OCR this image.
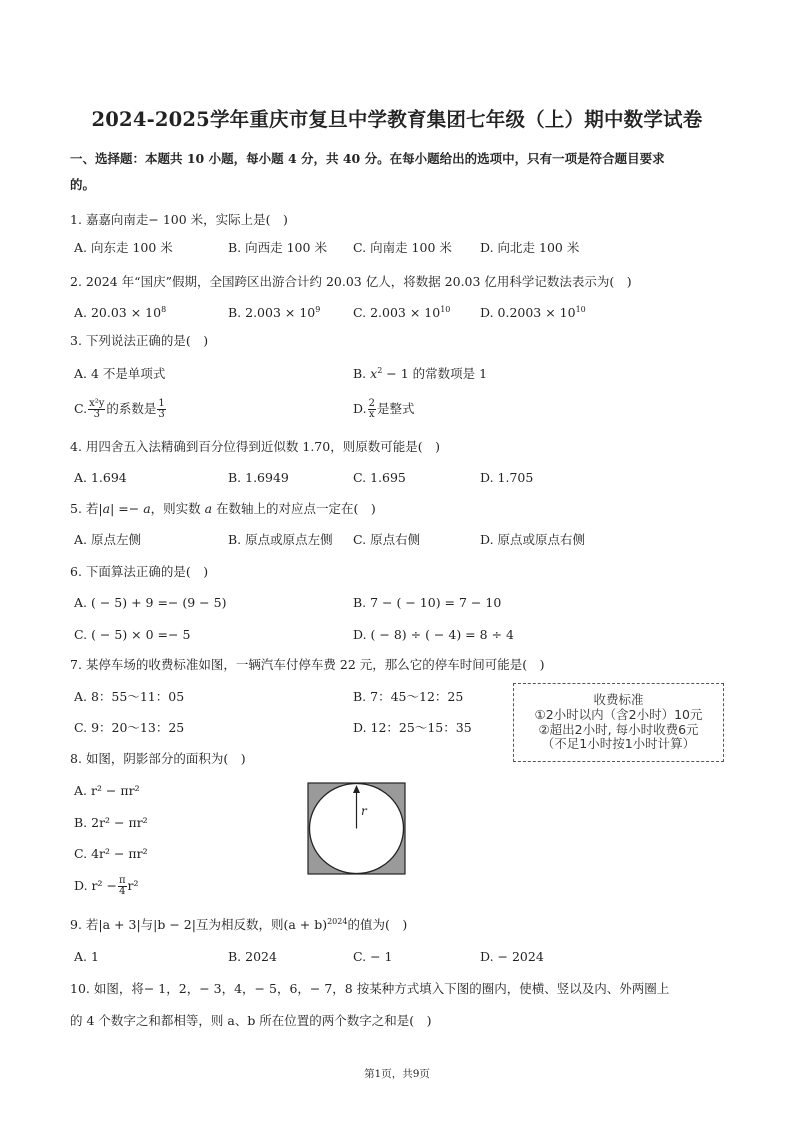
2024-2025学年重庆市复旦中学教育集团七年级（上）期中数学试卷
一、选择题：本题共 10 小题，每小题 4 分，共 40 分。在每小题给出的选项中，只有一项是符合题目要求
的。
1. 嘉嘉向南走− 100 米，实际上是(　)
A. 向东走 100 米	B. 向西走 100 米 C. 向南走 100 米 D. 向北走 100 米
2. 2024 年“国庆”假期，全国跨区出游合计约 20.03 亿人，将数据 20.03 亿用科学记数法表示为(　)
A. $20.03 \times 10^8$	B. $2.003 \times 10^9$	C. $2.003 \times 10^{10}$ D. $0.2003 \times 10^{10}$
3. 下列说法正确的是(　)
A. 4 不是单项式	B. $x^2 - 1$ 的常数项是 1
C. $\frac{\text{x²y}}{3}$ 的系数是 $\frac{1}{3}$	D. $\frac{2}{x}$ 是整式
4. 用四舍五入法精确到百分位得到近似数 1.70，则原数可能是(　)
A. 1.694	B. 1.6949	C. 1.695	D. 1.705
5. 若|a| =− a，则实数 a 在数轴上的对应点一定在(　)
A. 原点左侧	B. 原点或原点左侧 C. 原点右侧	D. 原点或原点右侧
6. 下面算法正确的是(　)
A. ( − 5) + 9 =− (9 − 5)	B. 7 − ( − 10) = 7 − 10
C. ( − 5) × 0 =− 5	D. ( − 8) ÷ ( − 4) = 8 ÷ 4
7. 某停车场的收费标准如图，一辆汽车付停车费 22 元，那么它的停车时间可能是(　)
A. 8：55～11：05	B. 7：45～12：25
C. 9：20～13：25	D. 12：25～15：35
收费标准
①2小时以内（含2小时）10元
②超出2小时, 每小时收费6元
（不足1小时按1小时计算）
8. 如图，阴影部分的面积为(　)
A. r² − πr²
B. 2r² − πr²
C. 4r² − πr²
D. $r^2 - \frac{\pi}{4} r^2$
r
9. 若|a + 3|与|b − 2|互为相反数，则$(a + b)^{2024}$的值为(　)
A. 1	B. 2024	C. − 1	D. − 2024
10. 如图，将− 1，2，− 3，4，− 5，6，− 7，8 按某种方式填入下图的圈内，使横、竖以及内、外两圈上
的 4 个数字之和都相等，则 a、b 所在位置的两个数字之和是(　)
第1页，共9页
